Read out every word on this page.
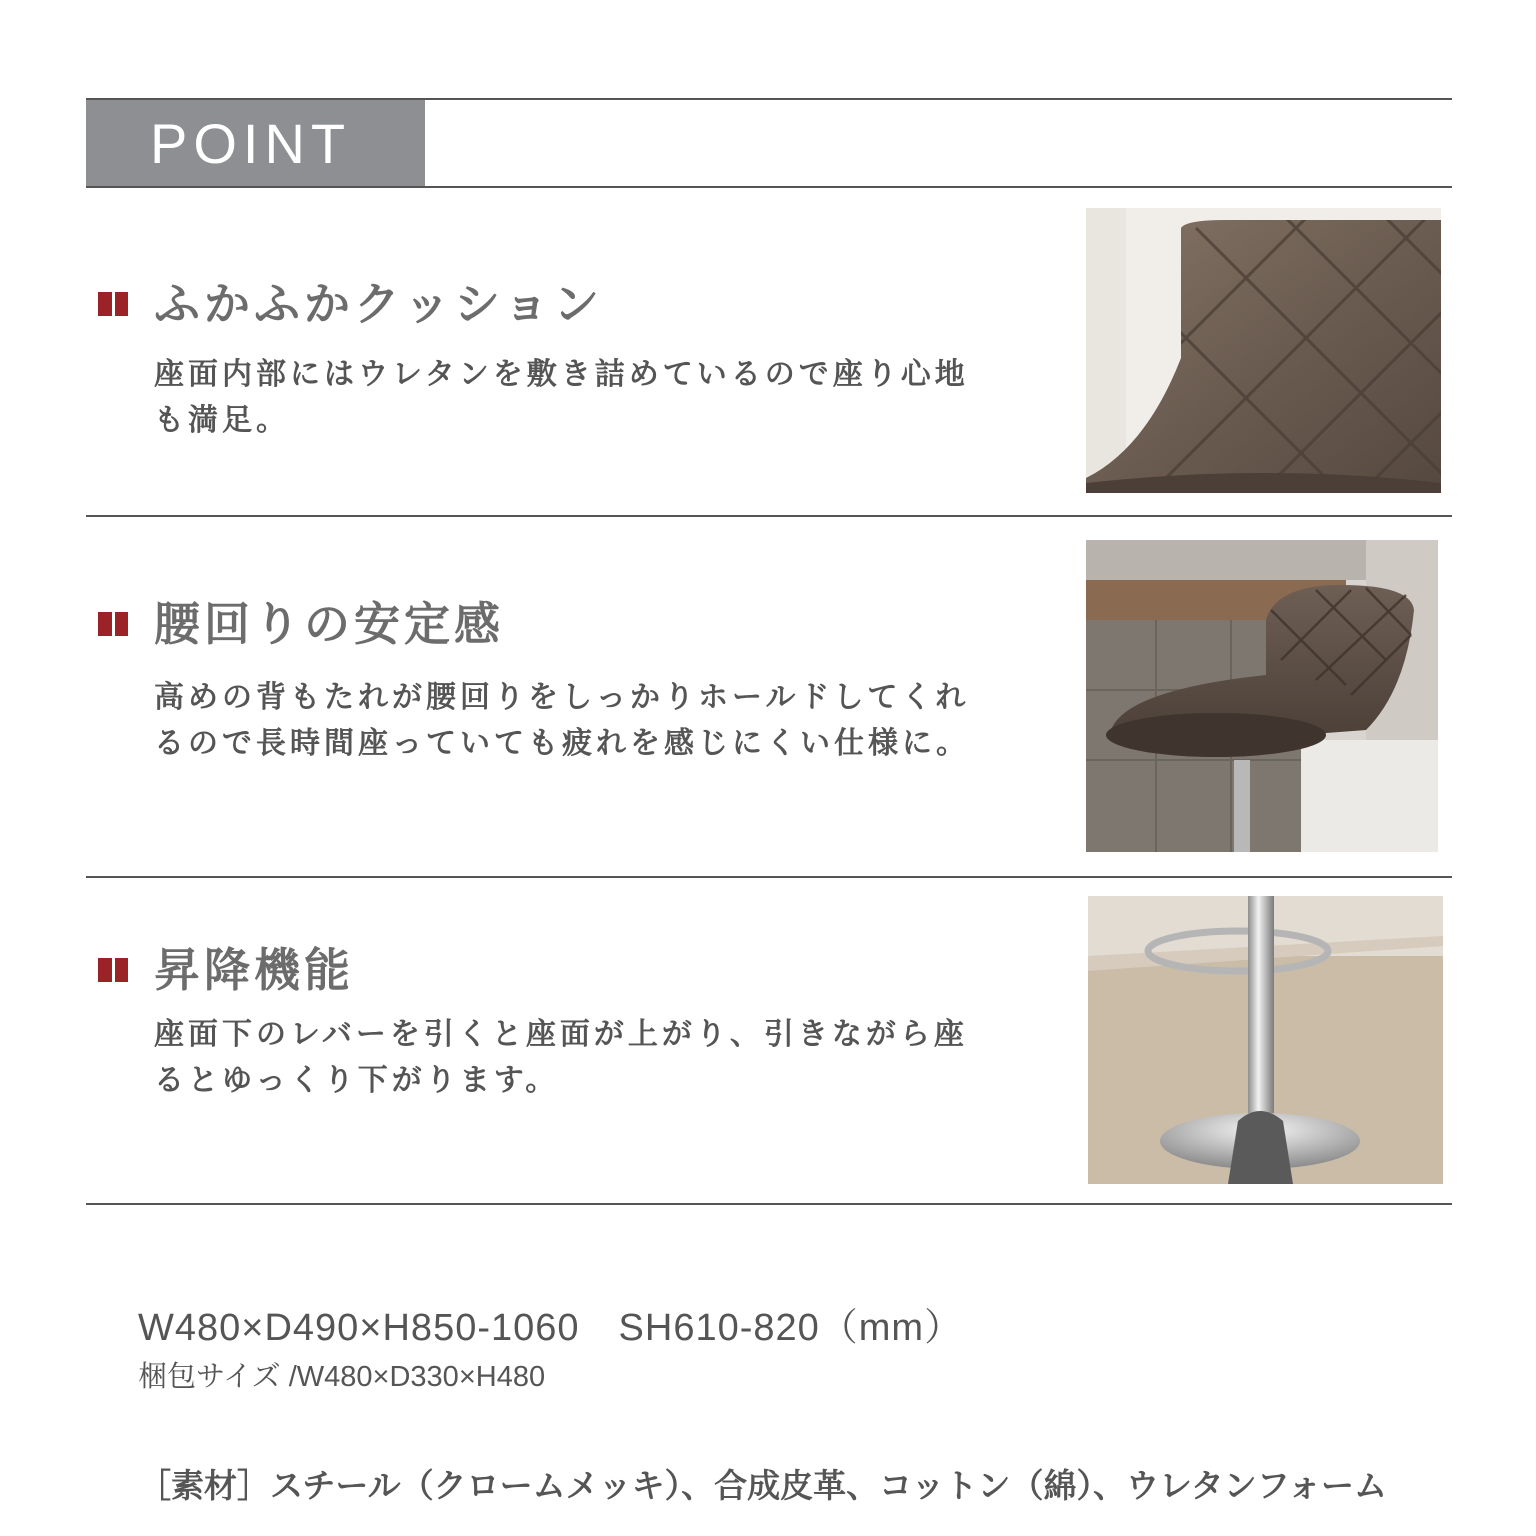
POINT
ふかふかクッション
座面内部にはウレタンを敷き詰めているので座り心地も満足。
腰回りの安定感
高めの背もたれが腰回りをしっかりホールドしてくれるので長時間座っていても疲れを感じにくい仕様に。
昇降機能
座面下のレバーを引くと座面が上がり、引きながら座るとゆっくり下がります。
W480×D490×H850-1060　SH610-820（mm）
梱包サイズ /W480×D330×H480
［素材］スチール（クロームメッキ）、合成皮革、コットン（綿）、ウレタンフォーム
